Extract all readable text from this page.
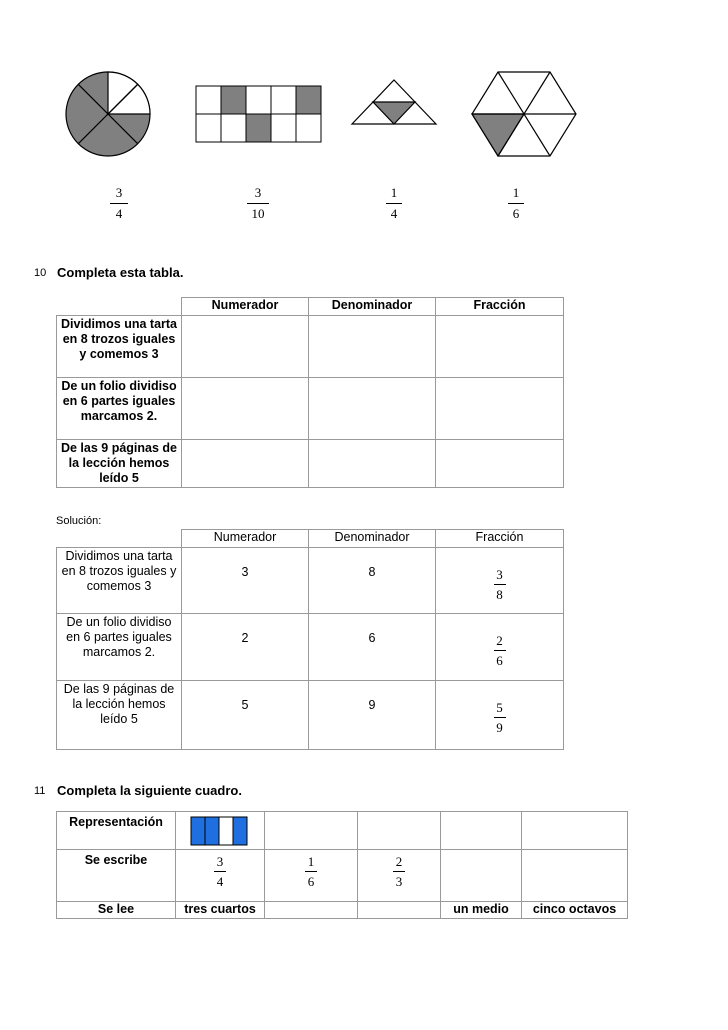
3
4
3
10
1
4
1
6
10 Completa esta tabla.
	Numerador	Denominador	Fracción
Dividimos una tarta en 8 trozos iguales y comemos 3			
De un folio dividiso en 6 partes iguales marcamos 2.			
De las 9 páginas de la lección hemos leído 5			
Solución:
	Numerador	Denominador	Fracción
Dividimos una tarta en 8 trozos iguales y comemos 3	3	8	$\frac{3}{8}$

De un folio dividiso en 6 partes iguales marcamos 2.	2	6	$\frac{2}{6}$

De las 9 páginas de la lección hemos leído 5	5	9	$\frac{5}{9}$
11 Completa la siguiente cuadro.
Representación					
Se escribe	$\frac{3}{4}$	$\frac{1}{6}$	$\frac{2}{3}$

Se lee	tres cuartos			un medio	cinco octavos
